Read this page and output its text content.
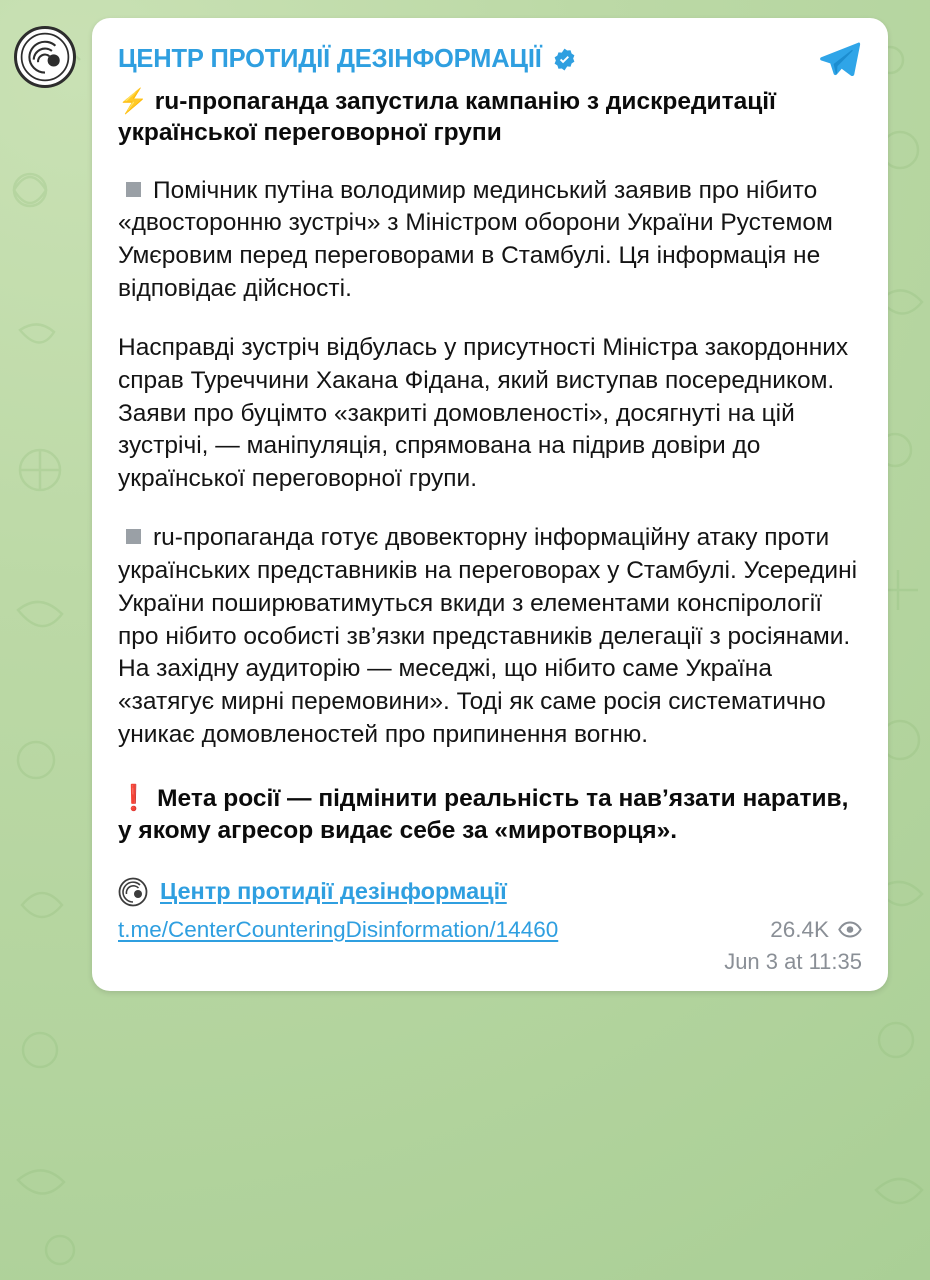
ЦЕНТР ПРОТИДІЇ ДЕЗІНФОРМАЦІЇ

⚡ ru-пропаганда запустила кампанію з дискредитації української переговорної групи

Помічник путіна володимир мединський заявив про нібито «двосторонню зустріч» з Міністром оборони України Рустемом Умєровим перед переговорами в Стамбулі. Ця інформація не відповідає дійсності.

Насправді зустріч відбулась у присутності Міністра закордонних справ Туреччини Хакана Фідана, який виступав посередником. Заяви про буцімто «закриті домовленості», досягнуті на цій зустрічі, — маніпуляція, спрямована на підрив довіри до української переговорної групи.

ru-пропаганда готує двовекторну інформаційну атаку проти українських представників на переговорах у Стамбулі. Усередині України поширюватимуться вкиди з елементами конспірології про нібито особисті зв’язки представників делегації з росіянами. На західну аудиторію — меседжі, що нібито саме Україна «затягує мирні перемовини». Тоді як саме росія систематично уникає домовленостей про припинення вогню.

❗ Мета росії — підмінити реальність та нав’язати наратив, у якому агресор видає себе за «миротворця».

Центр протидії дезінформації
t.me/CenterCounteringDisinformation/14460	26.4K
Jun 3 at 11:35
